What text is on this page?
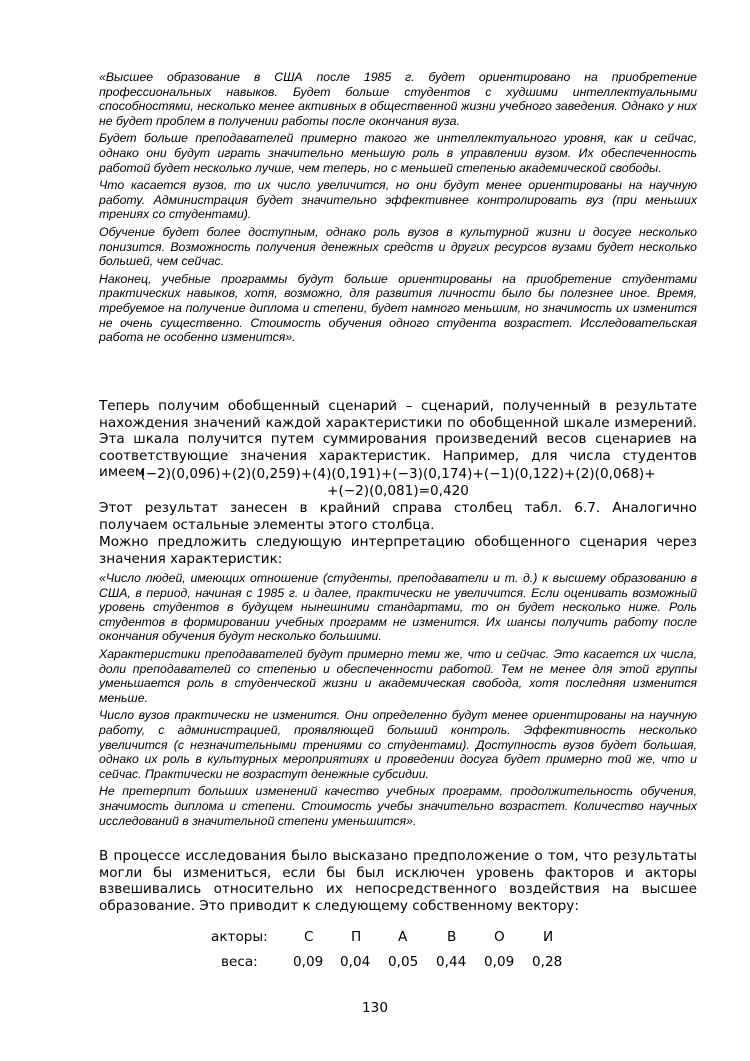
«Высшее образование в США после 1985 г. будет ориентировано на приобретение профессиональных навыков. Будет больше студентов с худшими интеллектуальными способностями, несколько менее активных в общественной жизни учебного заведения. Однако у них не будет проблем в получении работы после окончания вуза.

Будет больше преподавателей примерно такого же интеллектуального уровня, как и сейчас, однако они будут играть значительно меньшую роль в управлении вузом. Их обеспеченность работой будет несколько лучше, чем теперь, но с меньшей степенью академической свободы.

Что касается вузов, то их число увеличится, но они будут менее ориентированы на научную работу. Администрация будет значительно эффективнее контролировать вуз (при меньших трениях со студентами).

Обучение будет более доступным, однако роль вузов в культурной жизни и досуге несколько понизится. Возможность получения денежных средств и других ресурсов вузами будет несколько большей, чем сейчас.

Наконец, учебные программы будут больше ориентированы на приобретение студентами практических навыков, хотя, возможно, для развития личности было бы полезнее иное. Время, требуемое на получение диплома и степени, будет намного меньшим, но значимость их изменится не очень существенно. Стоимость обучения одного студента возрастет. Исследовательская работа не особенно изменится».

Теперь получим обобщенный сценарий – сценарий, полученный в результате нахождения значений каждой характеристики по обобщенной шкале измерений. Эта шкала получится путем суммирования произведений весов сценариев на соответствующие значения характеристик. Например, для числа студентов имеем

(−2)(0,096)+(2)(0,259)+(4)(0,191)+(−3)(0,174)+(−1)(0,122)+(2)(0,068)+
+(−2)(0,081)=0,420

Этот результат занесен в крайний справа столбец табл. 6.7. Аналогично получаем остальные элементы этого столбца.

Можно предложить следующую интерпретацию обобщенного сценария через значения характеристик:

«Число людей, имеющих отношение (студенты, преподаватели и т. д.) к высшему образованию в США, в период, начиная с 1985 г. и далее, практически не увеличится. Если оценивать возможный уровень студентов в будущем нынешними стандартами, то он будет несколько ниже. Роль студентов в формировании учебных программ не изменится. Их шансы получить работу после окончания обучения будут несколько большими.

Характеристики преподавателей будут примерно теми же, что и сейчас. Это касается их числа, доли преподавателей со степенью и обеспеченности работой. Тем не менее для этой группы уменьшается роль в студенческой жизни и академическая свобода, хотя последняя изменится меньше.

Число вузов практически не изменится. Они определенно будут менее ориентированы на научную работу, с администрацией, проявляющей больший контроль. Эффективность несколько увеличится (с незначительными трениями со студентами). Доступность вузов будет большая, однако их роль в культурных мероприятиях и проведении досуга будет примерно той же, что и сейчас. Практически не возрастут денежные субсидии.

Не претерпит больших изменений качество учебных программ, продолжительность обучения, значимость диплома и степени. Стоимость учебы значительно возрастет. Количество научных исследований в значительной степени уменьшится».

В процессе исследования было высказано предположение о том, что результаты могли бы измениться, если бы был исключен уровень факторов и акторы взвешивались относительно их непосредственного воздействия на высшее образование. Это приводит к следующему собственному вектору:

акторы:	С	П	А	В	О	И
веса:	0,09 0,04 0,05 0,44 0,09 0,28
130
